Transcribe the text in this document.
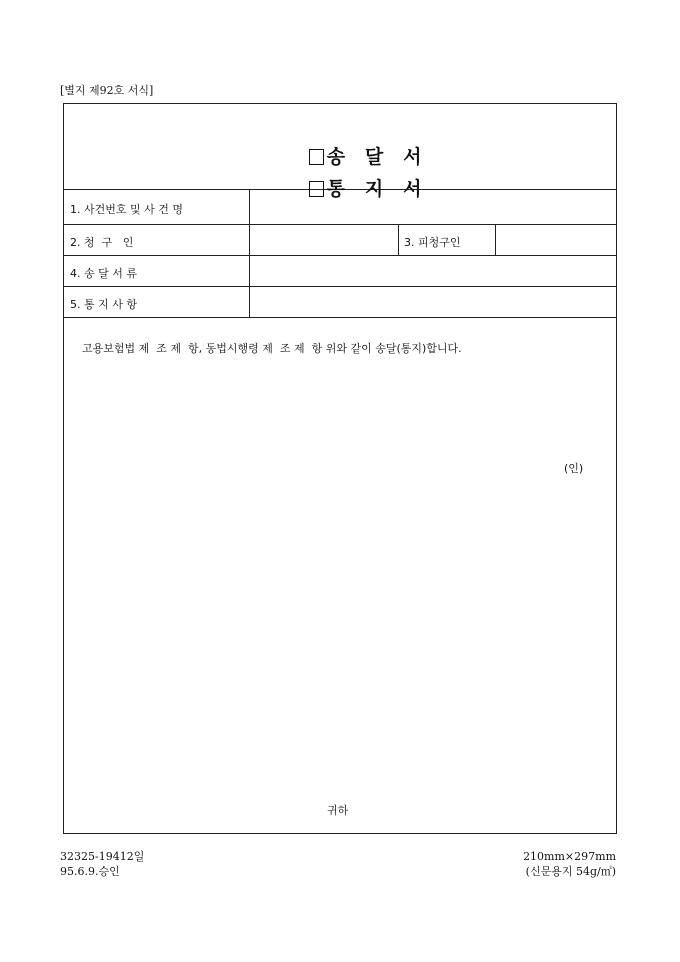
[별지 제92호 서식]

송   달   서

통   지   서

1. 사건번호 및 사 건 명
2. 청  구   인	3. 피청구인
4. 송 달 서 류
5. 통 지 사 항
고용보험법 제  조 제  항, 동법시행령 제  조 제  항 위와 같이 송달(통지)합니다.
(인)
귀하
32325-19412일
95.6.9.승인
210mm×297mm
(신문용지 54g/㎡)
